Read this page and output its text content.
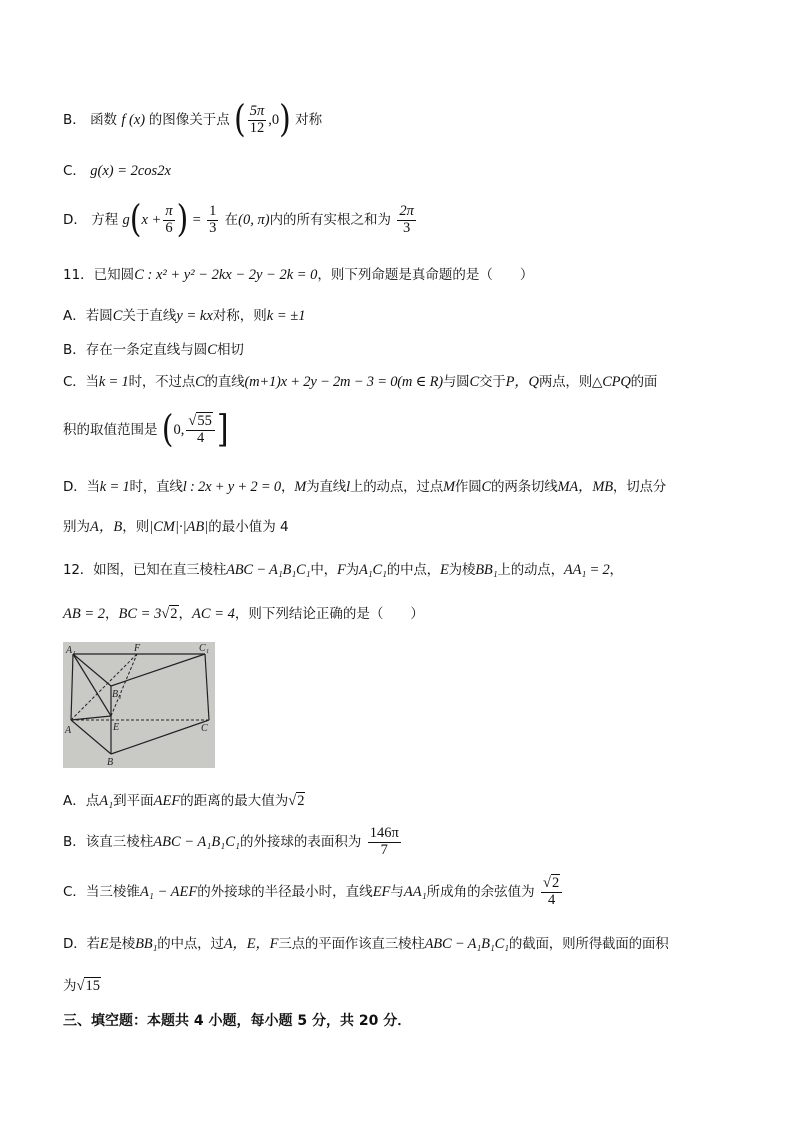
B． 函数 f (x) 的图像关于点 ( $\frac{5\pi}{12} ,0$) 对称
C． g(x) = 2cos2x
D． 方程 $g(x + \frac{\pi}{6}$ ) = $\frac{1}{3}$ 在(0, π)内的所有实根之和为 $\frac{2\pi}{3}$
11．已知圆C : x² + y² − 2kx − 2y − 2k = 0，则下列命题是真命题的是（　　）
A．若圆C关于直线y = kx对称，则k = ±1
B．存在一条定直线与圆C相切
C．当k = 1时，不过点C的直线(m+1)x + 2y − 2m − 3 = 0(m ∈ R)与圆C交于P，Q两点，则△CPQ的面
积的取值范围是 (0, $\frac{√55}{4}$ ]
D．当k = 1时，直线l : 2x + y + 2 = 0，M为直线l上的动点，过点M作圆C的两条切线MA，MB，切点分
别为A，B，则|CM|·|AB|的最小值为 4
12．如图，已知在直三棱柱ABC − A₁B₁C₁中，F为A₁C₁的中点，E为棱BB₁上的动点，AA₁ = 2，
AB = 2，BC = 3√2，AC = 4，则下列结论正确的是（　　）
A₁	F	C₁
B₁
A	E	C
B
A．点A₁到平面AEF的距离的最大值为√2
B．该直三棱柱ABC − A₁B₁C₁的外接球的表面积为 $\frac{146\pi}{7}$
C．当三棱锥A₁ − AEF的外接球的半径最小时，直线EF与AA₁所成角的余弦值为 $\frac{√2}{4}$
D．若E是棱BB₁的中点，过A，E，F三点的平面作该直三棱柱ABC − A₁B₁C₁的截面，则所得截面的面积
为√15
三、填空题：本题共 4 小题，每小题 5 分，共 20 分．
